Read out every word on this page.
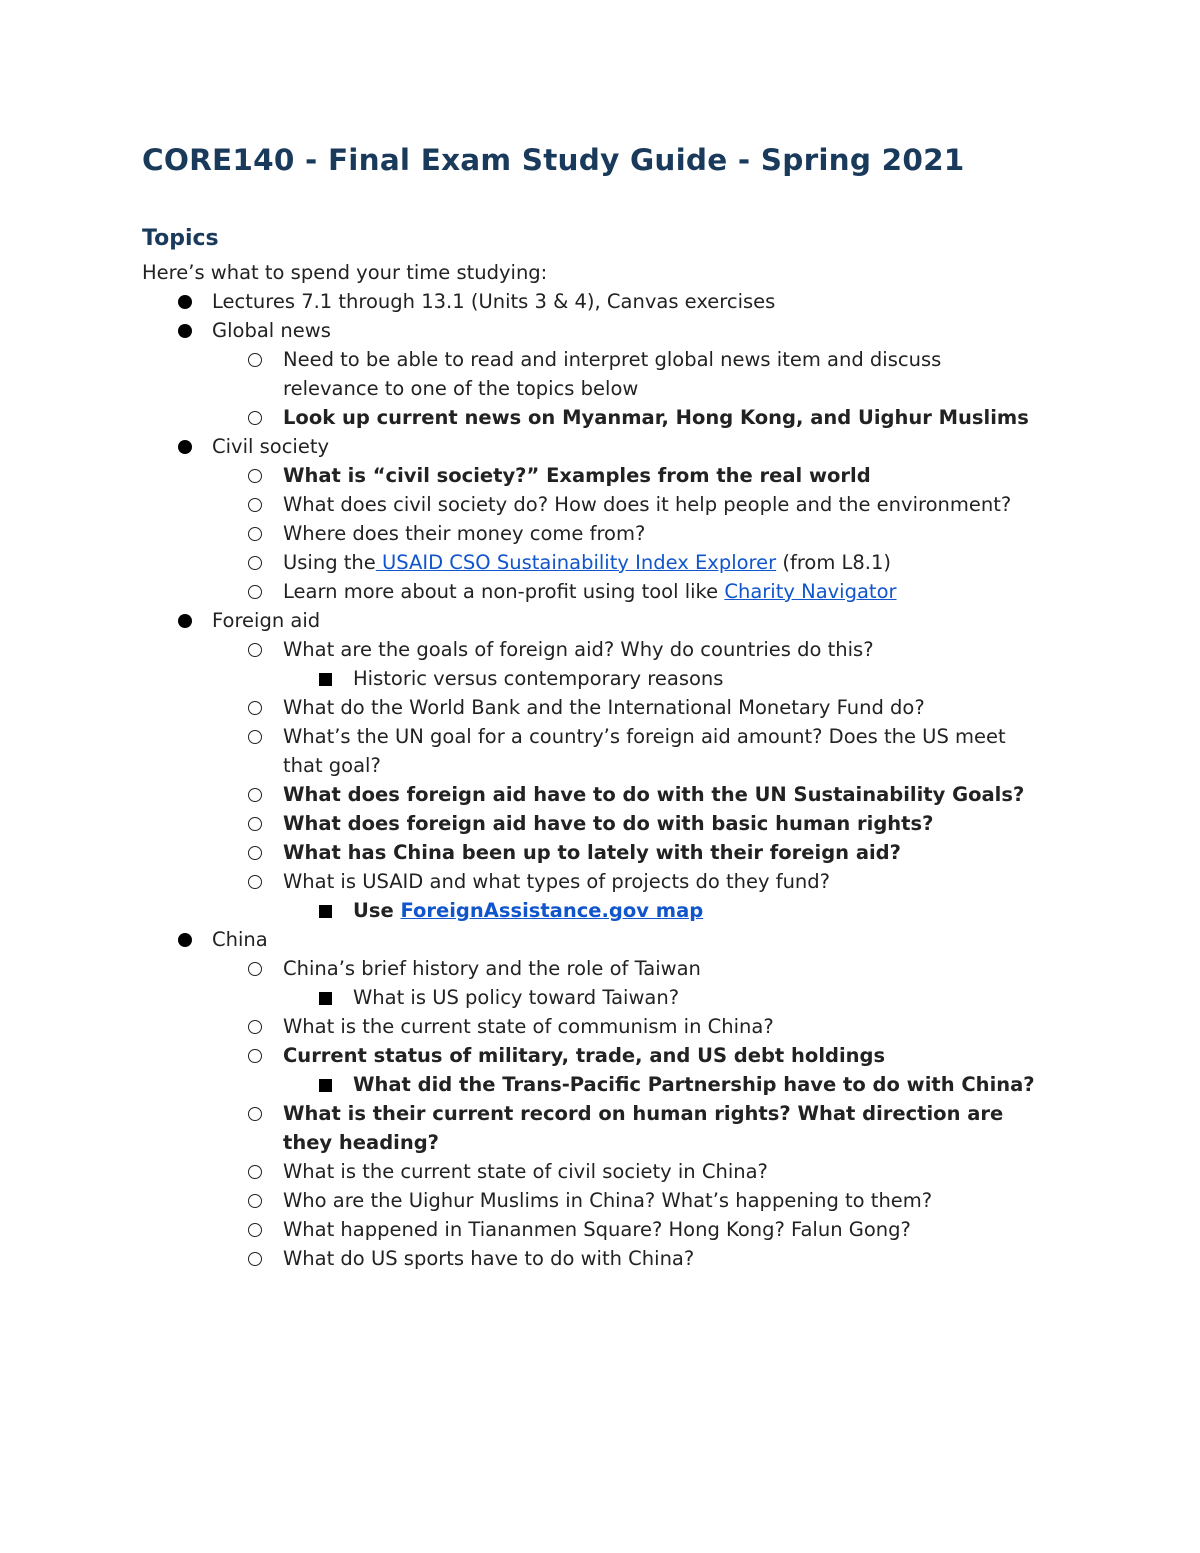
CORE140 - Final Exam Study Guide - Spring 2021
Topics

Here’s what to spend your time studying:

Lectures 7.1 through 13.1 (Units 3 & 4), Canvas exercises
Global news
Need to be able to read and interpret global news item and discuss relevance to one of the topics below
Look up current news on Myanmar, Hong Kong, and Uighur Muslims
Civil society
What is “civil society?” Examples from the real world
What does civil society do? How does it help people and the environment?
Where does their money come from?
Using the USAID CSO Sustainability Index Explorer (from L8.1)
Learn more about a non-profit using tool like Charity Navigator
Foreign aid
What are the goals of foreign aid? Why do countries do this?
Historic versus contemporary reasons
What do the World Bank and the International Monetary Fund do?
What’s the UN goal for a country’s foreign aid amount? Does the US meet that goal?
What does foreign aid have to do with the UN Sustainability Goals?
What does foreign aid have to do with basic human rights?
What has China been up to lately with their foreign aid?
What is USAID and what types of projects do they fund?
Use ForeignAssistance.gov map
China
China’s brief history and the role of Taiwan
What is US policy toward Taiwan?
What is the current state of communism in China?
Current status of military, trade, and US debt holdings
What did the Trans-Pacific Partnership have to do with China?
What is their current record on human rights? What direction are they heading?
What is the current state of civil society in China?
Who are the Uighur Muslims in China? What’s happening to them?
What happened in Tiananmen Square? Hong Kong? Falun Gong?
What do US sports have to do with China?
